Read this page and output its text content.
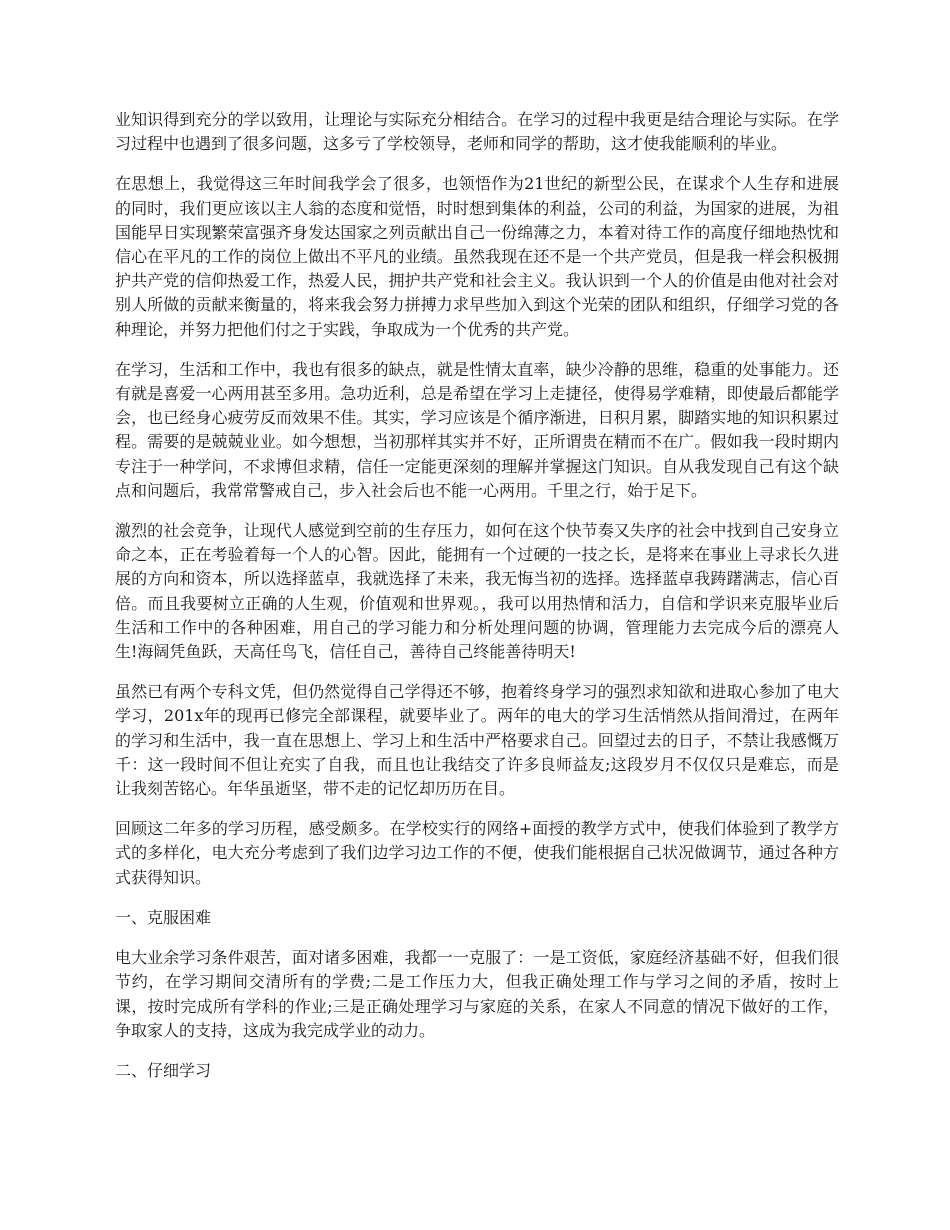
业知识得到充分的学以致用，让理论与实际充分相结合。在学习的过程中我更是结合理论与实际。在学习过程中也遇到了很多问题，这多亏了学校领导，老师和同学的帮助，这才使我能顺利的毕业。

在思想上，我觉得这三年时间我学会了很多，也领悟作为21世纪的新型公民，在谋求个人生存和进展的同时，我们更应该以主人翁的态度和觉悟，时时想到集体的利益，公司的利益，为国家的进展，为祖国能早日实现繁荣富强齐身发达国家之列贡献出自己一份绵薄之力，本着对待工作的高度仔细地热忱和信心在平凡的工作的岗位上做出不平凡的业绩。虽然我现在还不是一个共产党员，但是我一样会积极拥护共产党的信仰热爱工作，热爱人民，拥护共产党和社会主义。我认识到一个人的价值是由他对社会对别人所做的贡献来衡量的，将来我会努力拼搏力求早些加入到这个光荣的团队和组织，仔细学习党的各种理论，并努力把他们付之于实践，争取成为一个优秀的共产党。

在学习，生活和工作中，我也有很多的缺点，就是性情太直率，缺少冷静的思维，稳重的处事能力。还有就是喜爱一心两用甚至多用。急功近利，总是希望在学习上走捷径，使得易学难精，即使最后都能学会，也已经身心疲劳反而效果不佳。其实，学习应该是个循序渐进，日积月累，脚踏实地的知识积累过程。需要的是兢兢业业。如今想想，当初那样其实并不好，正所谓贵在精而不在广。假如我一段时期内专注于一种学问，不求博但求精，信任一定能更深刻的理解并掌握这门知识。自从我发现自己有这个缺点和问题后，我常常警戒自己，步入社会后也不能一心两用。千里之行，始于足下。

激烈的社会竞争，让现代人感觉到空前的生存压力，如何在这个快节奏又失序的社会中找到自己安身立命之本，正在考验着每一个人的心智。因此，能拥有一个过硬的一技之长，是将来在事业上寻求长久进展的方向和资本，所以选择蓝卓，我就选择了未来，我无悔当初的选择。选择蓝卓我踌躇满志，信心百倍。而且我要树立正确的人生观，价值观和世界观。，我可以用热情和活力，自信和学识来克服毕业后生活和工作中的各种困难，用自己的学习能力和分析处理问题的协调，管理能力去完成今后的漂亮人生!海阔凭鱼跃，天高任鸟飞，信任自己，善待自己终能善待明天!

虽然已有两个专科文凭，但仍然觉得自己学得还不够，抱着终身学习的强烈求知欲和进取心参加了电大学习，201x年的现再已修完全部课程，就要毕业了。两年的电大的学习生活悄然从指间滑过，在两年的学习和生活中，我一直在思想上、学习上和生活中严格要求自己。回望过去的日子，不禁让我感慨万千：这一段时间不但让充实了自我，而且也让我结交了许多良师益友;这段岁月不仅仅只是难忘，而是让我刻苦铭心。年华虽逝坚，带不走的记忆却历历在目。

回顾这二年多的学习历程，感受颇多。在学校实行的网络+面授的教学方式中，使我们体验到了教学方式的多样化，电大充分考虑到了我们边学习边工作的不便，使我们能根据自己状况做调节，通过各种方式获得知识。

一、克服困难

电大业余学习条件艰苦，面对诸多困难，我都一一克服了：一是工资低，家庭经济基础不好，但我们很节约，在学习期间交清所有的学费;二是工作压力大，但我正确处理工作与学习之间的矛盾，按时上课，按时完成所有学科的作业;三是正确处理学习与家庭的关系，在家人不同意的情况下做好的工作，争取家人的支持，这成为我完成学业的动力。

二、仔细学习
